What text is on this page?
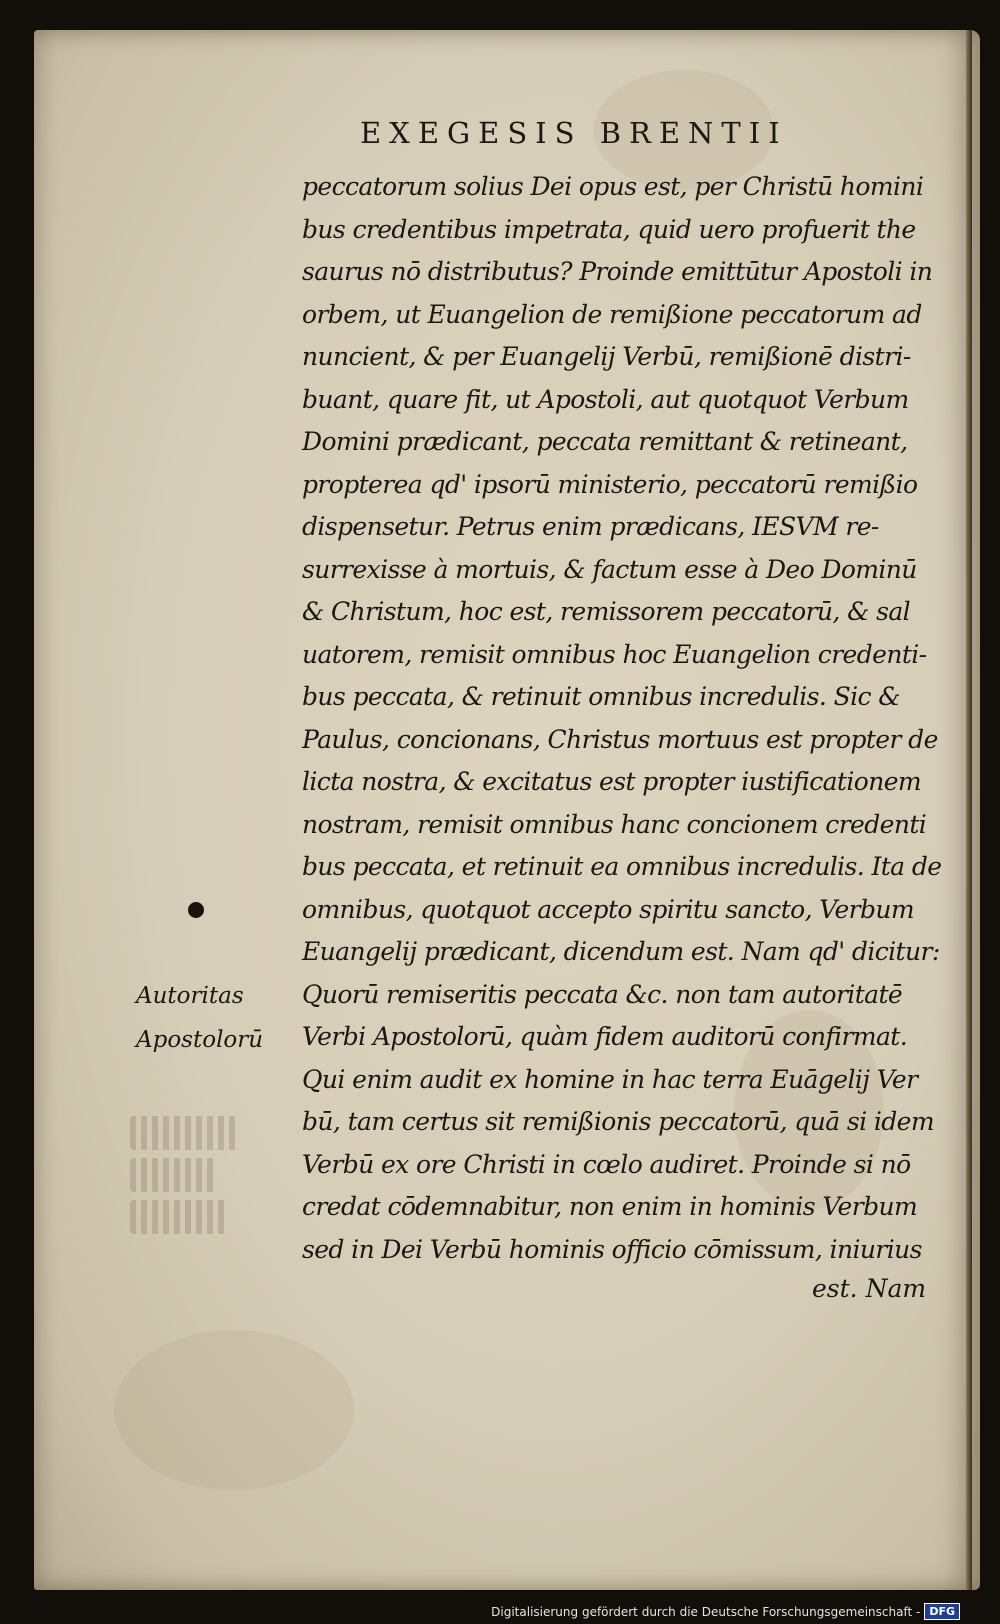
EXEGESIS BRENTII
peccatorum solius Dei opus est, per Christū homini
bus credentibus impetrata, quid uero profuerit the
saurus nō distributus? Proinde emittūtur Apostoli in
orbem, ut Euangelion de remißione peccatorum ad
nuncient, & per Euangelij Verbū, remißionē distri-
buant, quare fit, ut Apostoli, aut quotquot Verbum
Domini prædicant, peccata remittant & retineant,
propterea qd' ipsorū ministerio, peccatorū remißio
dispensetur. Petrus enim prædicans, IESVM re-
surrexisse à mortuis, & factum esse à Deo Dominū
& Christum, hoc est, remissorem peccatorū, & sal
uatorem, remisit omnibus hoc Euangelion credenti-
bus peccata, & retinuit omnibus incredulis. Sic &
Paulus, concionans, Christus mortuus est propter de
licta nostra, & excitatus est propter iustificationem
nostram, remisit omnibus hanc concionem credenti
bus peccata, et retinuit ea omnibus incredulis. Ita de
omnibus, quotquot accepto spiritu sancto, Verbum
Euangelij prædicant, dicendum est. Nam qd' dicitur:
Quorū remiseritis peccata &c. non tam autoritatē
Verbi Apostolorū, quàm fidem auditorū confirmat.
Qui enim audit ex homine in hac terra Euāgelij Ver
bū, tam certus sit remißionis peccatorū, quā si idem
Verbū ex ore Christi in cœlo audiret. Proinde si nō
credat cōdemnabitur, non enim in hominis Verbum
sed in Dei Verbū hominis officio cōmissum, iniurius
est. Nam
Autoritas
Apostolorū
Digitalisierung gefördert durch die Deutsche Forschungsgemeinschaft - DFG
